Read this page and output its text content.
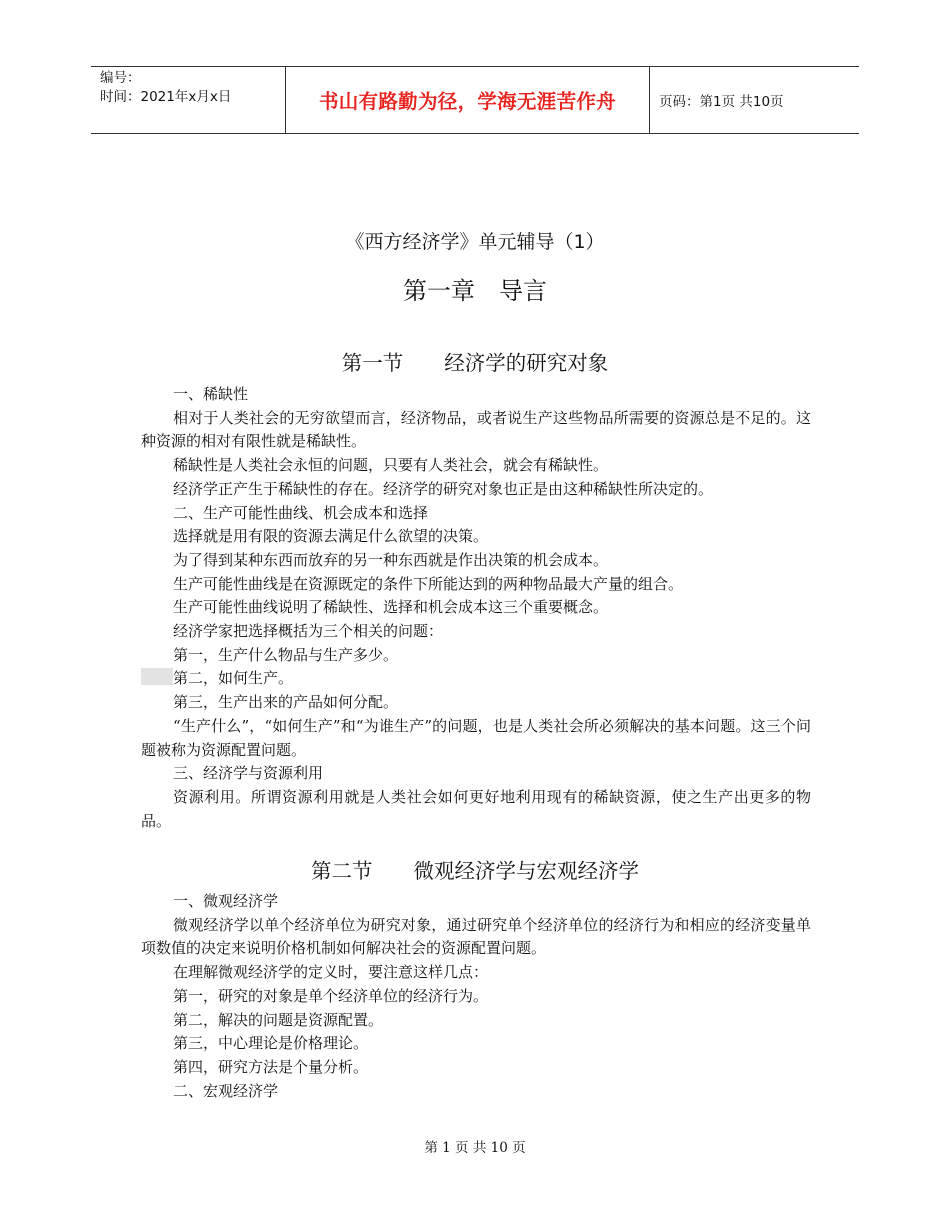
编号：
时间：2021年x月x日	书山有路勤为径，学海无涯苦作舟	页码：第1页 共10页
《西方经济学》单元辅导（1）
第一章　导言
第一节　　经济学的研究对象

一、稀缺性

相对于人类社会的无穷欲望而言，经济物品，或者说生产这些物品所需要的资源总是不足的。这种资源的相对有限性就是稀缺性。

稀缺性是人类社会永恒的问题，只要有人类社会，就会有稀缺性。

经济学正产生于稀缺性的存在。经济学的研究对象也正是由这种稀缺性所决定的。

二、生产可能性曲线、机会成本和选择

选择就是用有限的资源去满足什么欲望的决策。

为了得到某种东西而放弃的另一种东西就是作出决策的机会成本。

生产可能性曲线是在资源既定的条件下所能达到的两种物品最大产量的组合。

生产可能性曲线说明了稀缺性、选择和机会成本这三个重要概念。

经济学家把选择概括为三个相关的问题：

第一，生产什么物品与生产多少。

第二，如何生产。

第三，生产出来的产品如何分配。

“生产什么”，“如何生产”和“为谁生产”的问题，也是人类社会所必须解决的基本问题。这三个问题被称为资源配置问题。

三、经济学与资源利用

资源利用。所谓资源利用就是人类社会如何更好地利用现有的稀缺资源，使之生产出更多的物品。

第二节　　微观经济学与宏观经济学

一、微观经济学

微观经济学以单个经济单位为研究对象，通过研究单个经济单位的经济行为和相应的经济变量单项数值的决定来说明价格机制如何解决社会的资源配置问题。

在理解微观经济学的定义时，要注意这样几点：

第一，研究的对象是单个经济单位的经济行为。

第二，解决的问题是资源配置。

第三，中心理论是价格理论。

第四，研究方法是个量分析。

二、宏观经济学

第 1 页 共 10 页
